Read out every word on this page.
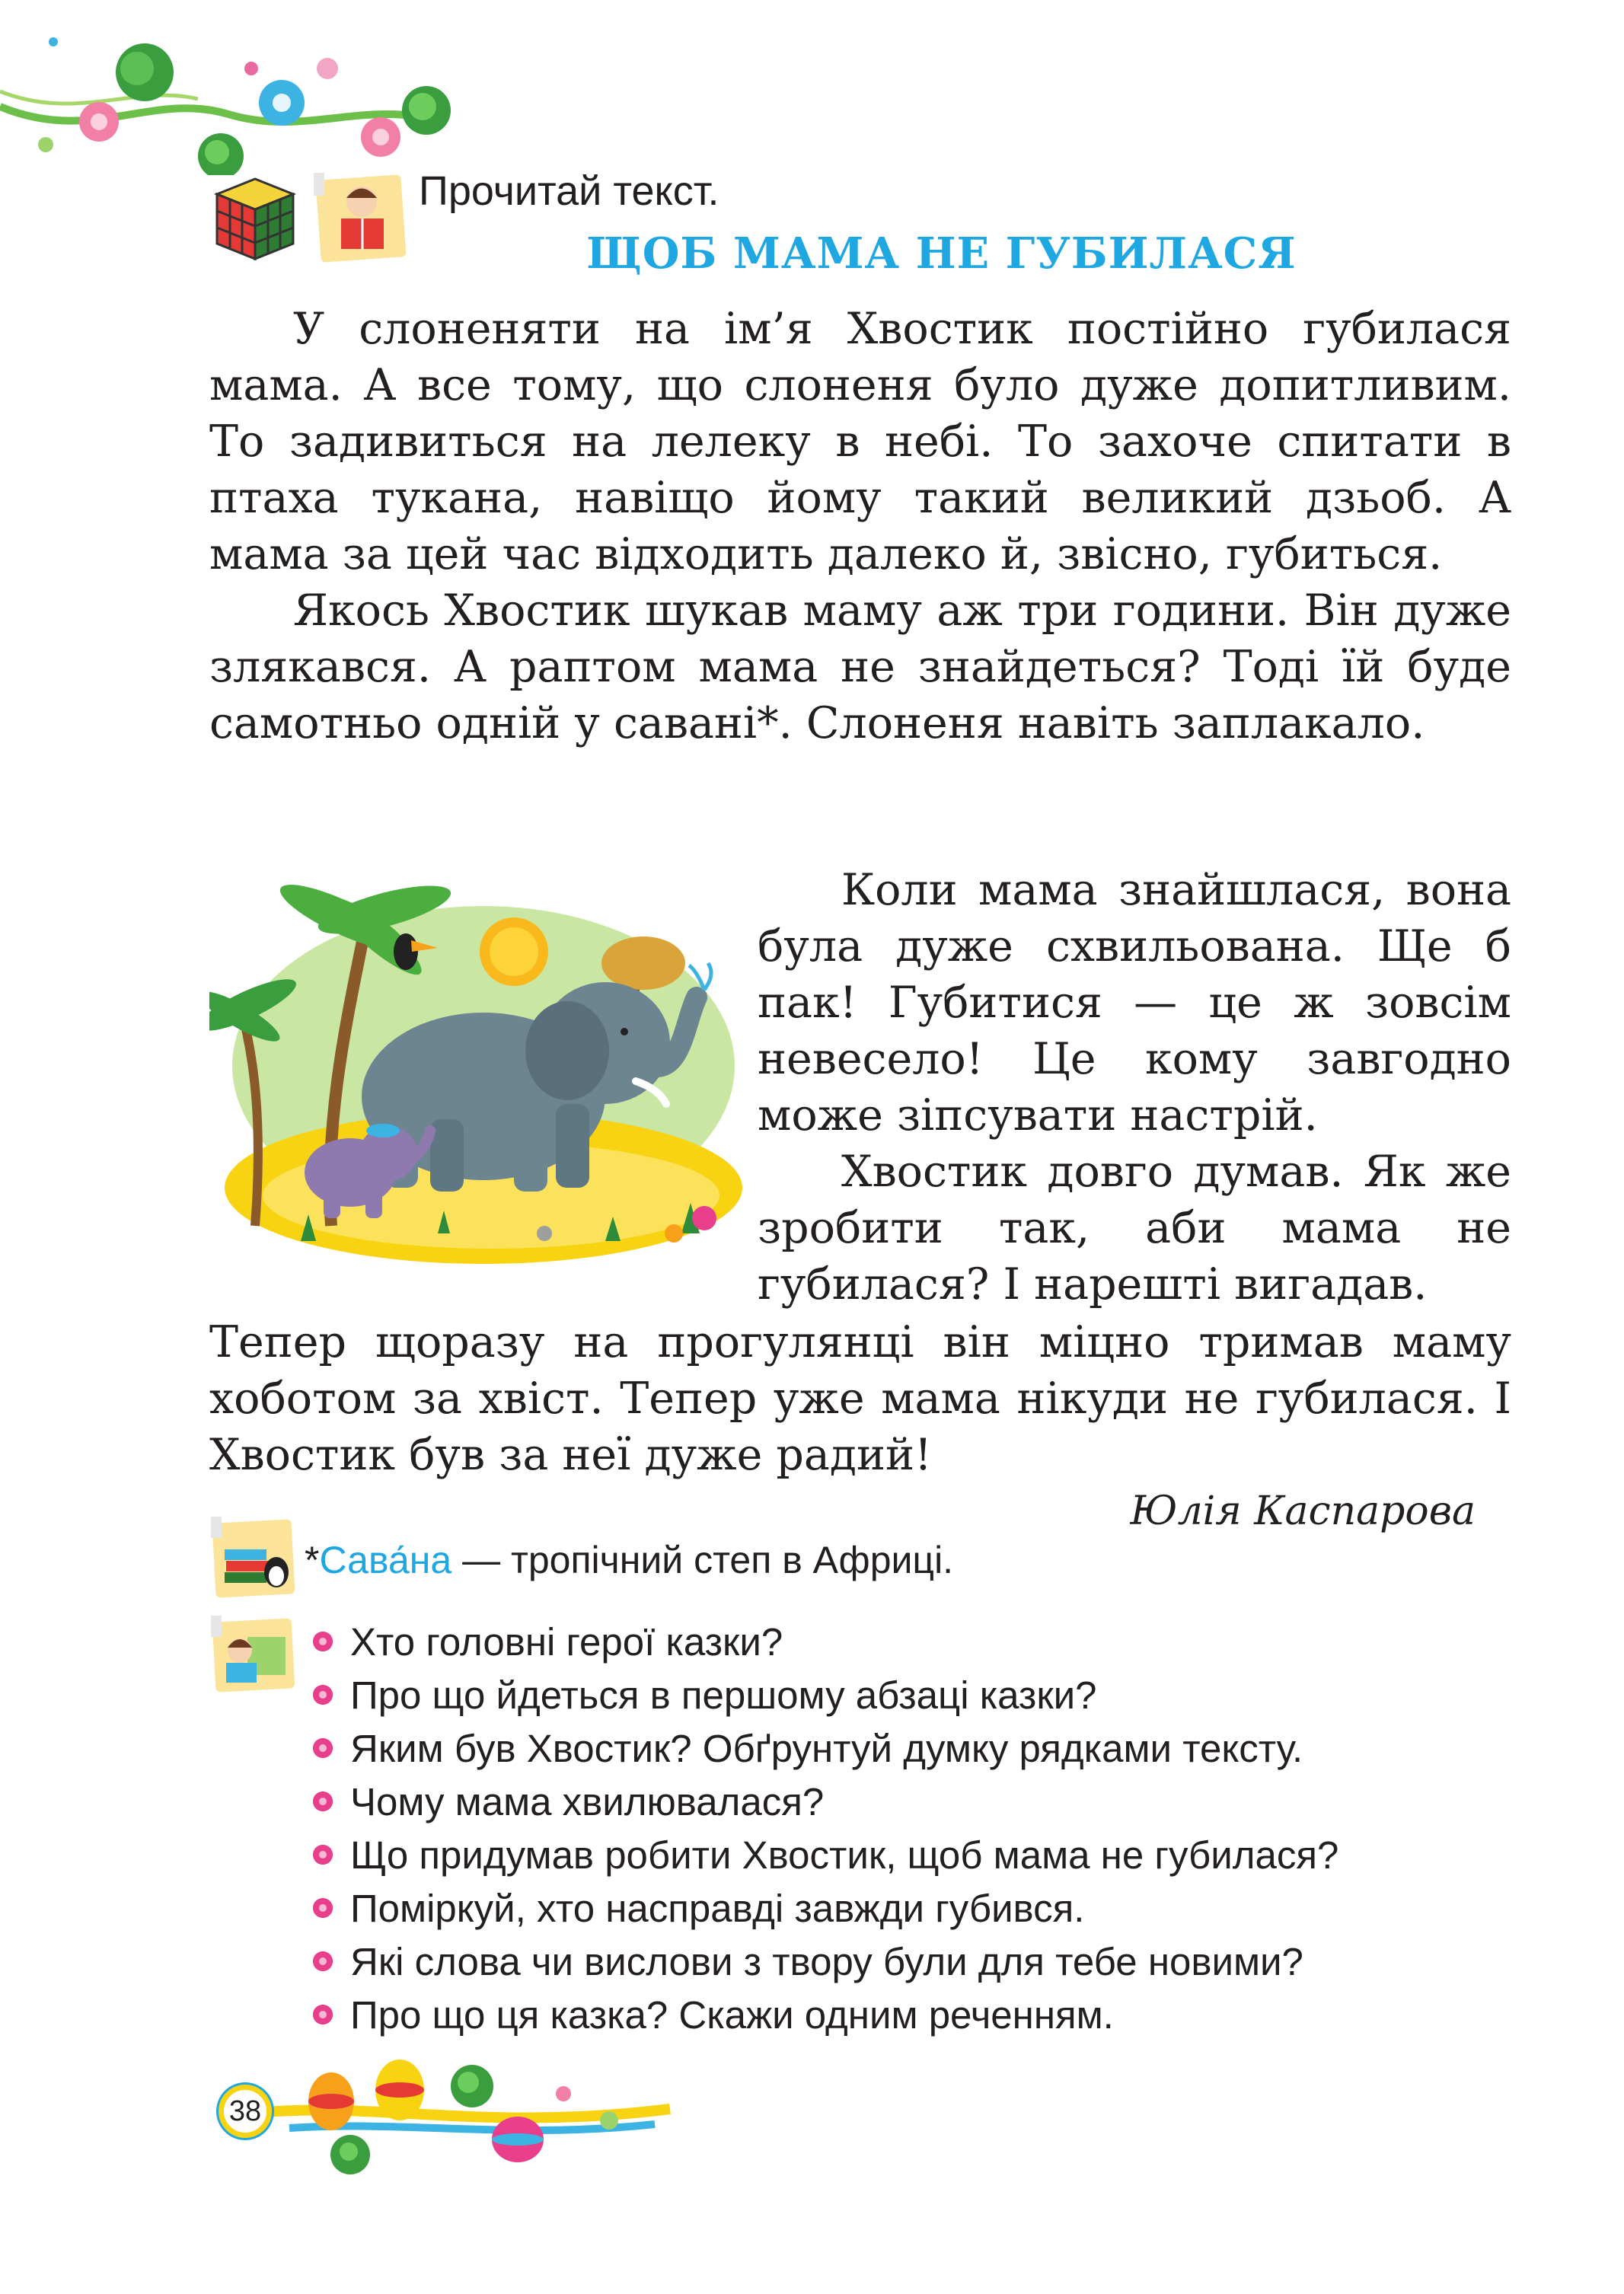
Прочитай текст.
ЩОБ МАМА НЕ ГУБИЛАСЯ

У слоненяти на ім’я Хвостик постійно губилася мама. А все тому, що слоненя було дуже допитливим. То задивиться на лелеку в небі. То захоче спитати в птаха тукана, навіщо йому такий великий дзьоб. А мама за цей час відходить далеко й, звісно, губиться.

Якось Хвостик шукав маму аж три години. Він дуже злякався. А раптом мама не знайдеться? Тоді їй буде самотньо одній у савані*. Слоненя навіть заплакало.

Коли мама знайшлася, вона була дуже схвильована. Ще б пак! Губитися — це ж зовсім невесело! Це кому завгодно може зіпсувати настрій.

Хвостик довго думав. Як же зробити так, аби мама не губилася? І нарешті вигадав.

Тепер щоразу на прогулянці він міцно тримав маму хоботом за хвіст. Тепер уже мама нікуди не губилася. І Хвостик був за неї дуже радий!

Юлія Каспарова
*Сава́на — тропічний степ в Африці.
Хто головні герої казки?
Про що йдеться в першому абзаці казки?
Яким був Хвостик? Обґрунтуй думку рядками тексту.
Чому мама хвилювалася?
Що придумав робити Хвостик, щоб мама не губилася?
Поміркуй, хто насправді завжди губився.
Які слова чи вислови з твору були для тебе новими?
Про що ця казка? Скажи одним реченням.
38
